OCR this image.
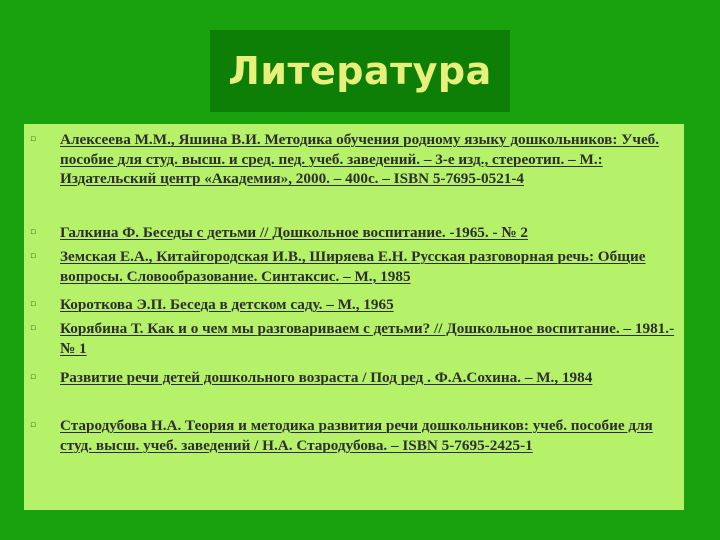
Литература
▫ Алексеева М.М., Яшина В.И. Методика обучения родному языку дошкольников: Учеб. пособие для студ. высш. и сред. пед. учеб. заведений. – 3-е изд., стереотип. – М.: Издательский центр «Академия», 2000. – 400с. – ISBN 5-7695-0521-4
▫ Галкина Ф. Беседы с детьми // Дошкольное воспитание. -1965. - № 2
▫ Земская Е.А., Китайгородская И.В., Ширяева Е.Н. Русская разговорная речь: Общие вопросы. Словообразование. Синтаксис. – М., 1985
▫ Короткова Э.П. Беседа в детском саду. – М., 1965
▫ Корябина Т. Как и о чем мы разговариваем с детьми? // Дошкольное воспитание. – 1981.- № 1
▫ Развитие речи детей дошкольного возраста / Под ред . Ф.А.Сохина. – М., 1984
▫ Стародубова Н.А. Теория и методика развития речи дошкольников: учеб. пособие для студ. высш. учеб. заведений / Н.А. Стародубова. – ISBN 5-7695-2425-1
